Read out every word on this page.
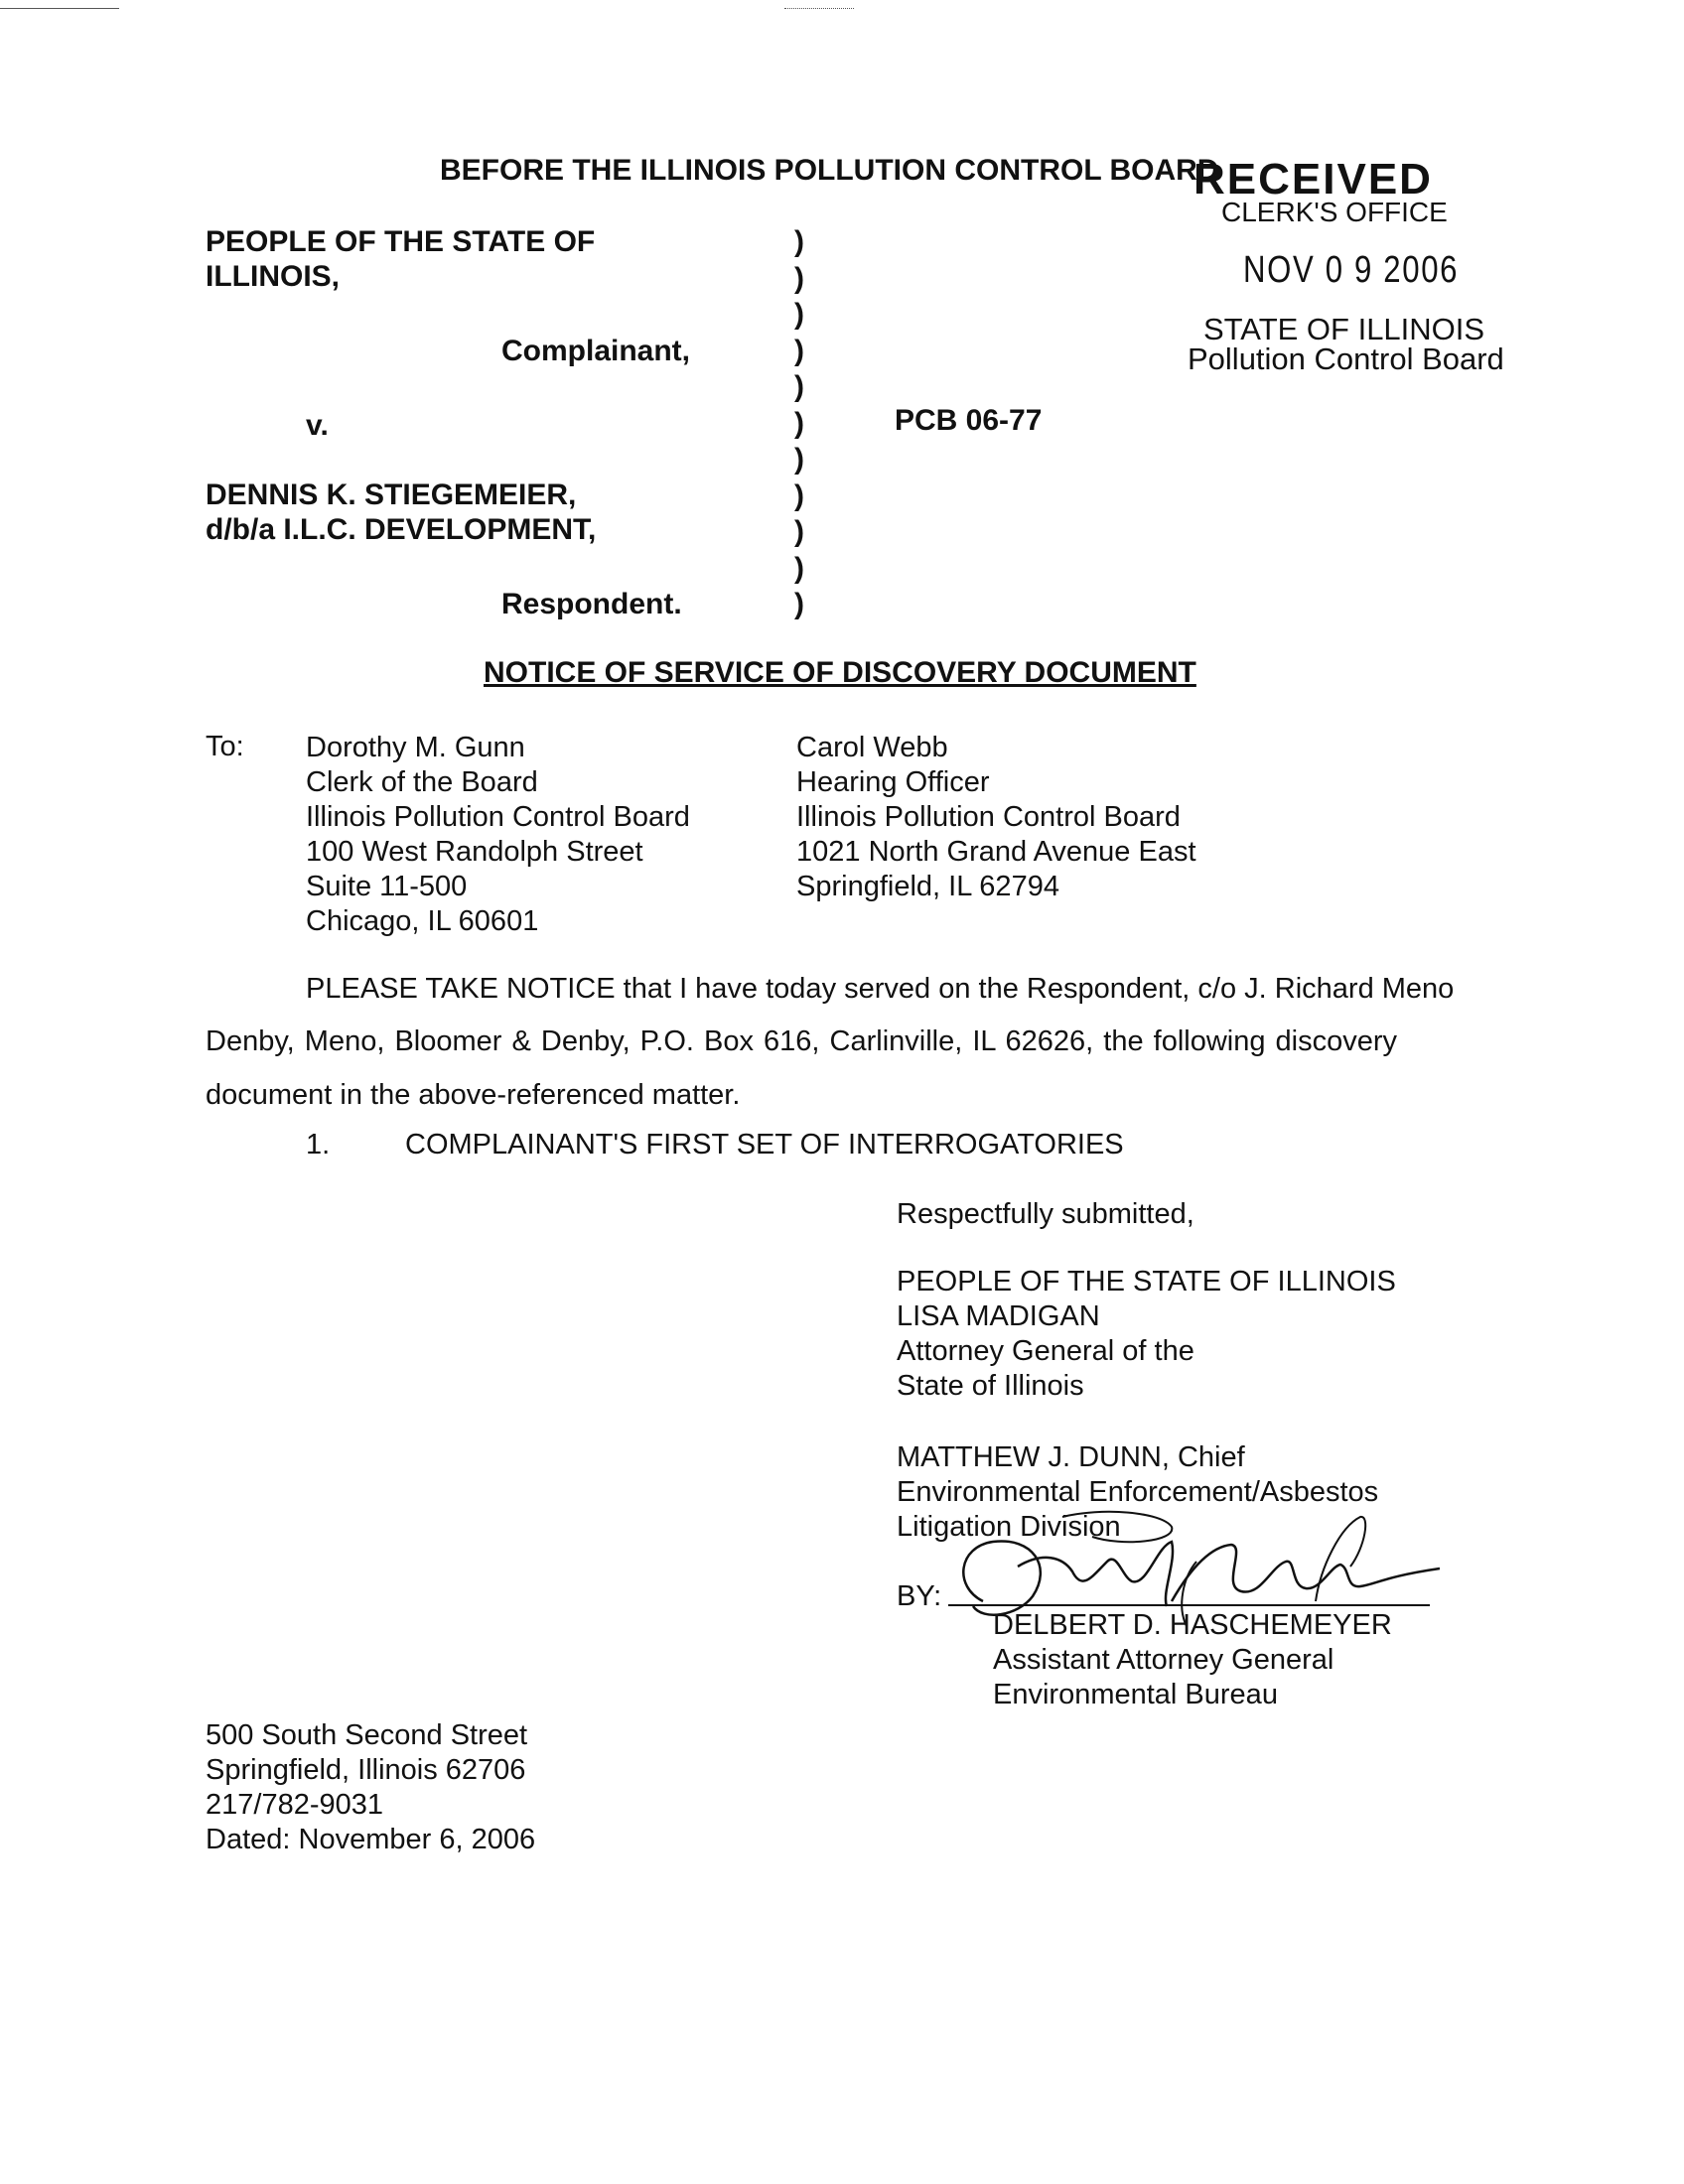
BEFORE THE ILLINOIS POLLUTION CONTROL BOARD
RECEIVED
CLERK'S OFFICE
NOV 0 9 2006
STATE OF ILLINOIS
Pollution Control Board
PEOPLE OF THE STATE OF
ILLINOIS,
Complainant,
v.
DENNIS K. STIEGEMEIER,
d/b/a I.L.C. DEVELOPMENT,
Respondent.
PCB 06-77
)
)
)
)
)
)
)
)
)
)
)
NOTICE OF SERVICE OF DISCOVERY DOCUMENT
To: Dorothy M. Gunn
Clerk of the Board
Illinois Pollution Control Board
100 West Randolph Street
Suite 11-500
Chicago, IL 60601
Carol Webb
Hearing Officer
Illinois Pollution Control Board
1021 North Grand Avenue East
Springfield, IL 62794
PLEASE TAKE NOTICE that I have today served on the Respondent, c/o J. Richard Meno
Denby, Meno, Bloomer & Denby, P.O. Box 616, Carlinville, IL 62626, the following discovery
document in the above-referenced matter.
1.	COMPLAINANT'S FIRST SET OF INTERROGATORIES
Respectfully submitted,
PEOPLE OF THE STATE OF ILLINOIS
LISA MADIGAN
Attorney General of the
State of Illinois
MATTHEW J. DUNN, Chief
Environmental Enforcement/Asbestos
Litigation Division
BY:
DELBERT D. HASCHEMEYER
Assistant Attorney General
Environmental Bureau
500 South Second Street
Springfield, Illinois 62706
217/782-9031
Dated: November 6, 2006
